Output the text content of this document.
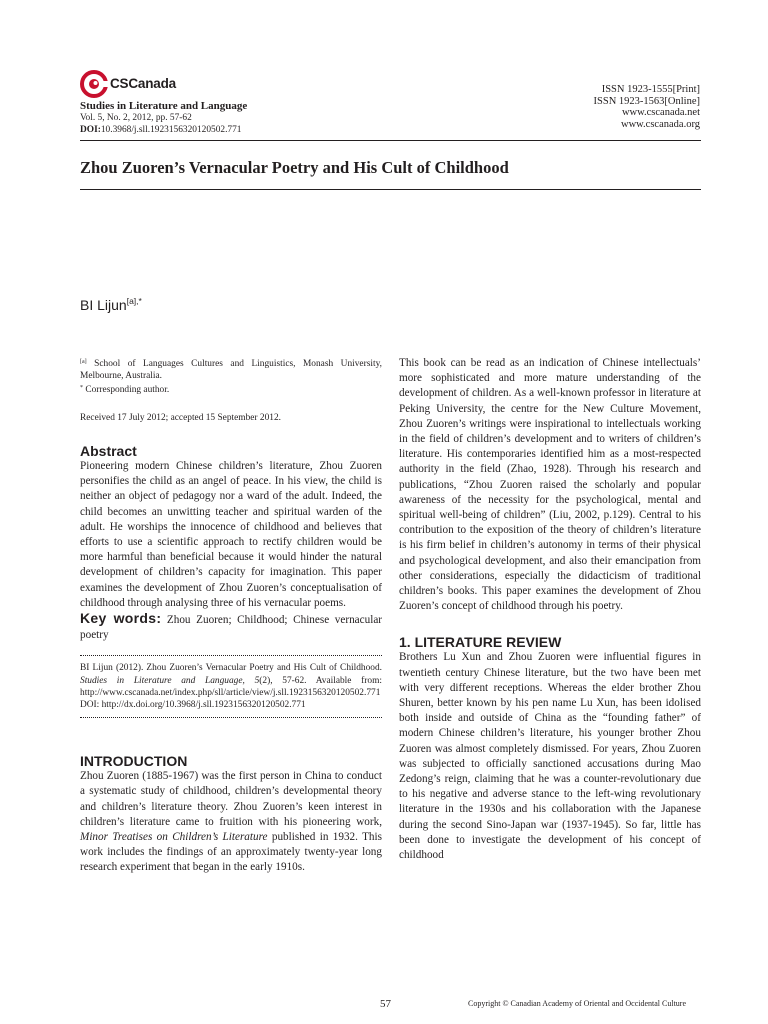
CSCanada
Studies in Literature and Language
Vol. 5, No. 2, 2012, pp. 57-62
DOI:10.3968/j.sll.1923156320120502.771
ISSN 1923-1555[Print]
ISSN 1923-1563[Online]
www.cscanada.net
www.cscanada.org
Zhou Zuoren’s Vernacular Poetry and His Cult of Childhood
BI Lijun$^{[a],*}$
[a] School of Languages Cultures and Linguistics, Monash University, Melbourne, Australia.
* Corresponding author.
Received 17 July 2012; accepted 15 September 2012.
Abstract

Pioneering modern Chinese children’s literature, Zhou Zuoren personifies the child as an angel of peace. In his view, the child is neither an object of pedagogy nor a ward of the adult. Indeed, the child becomes an unwitting teacher and spiritual warden of the adult. He worships the innocence of childhood and believes that efforts to use a scientific approach to rectify children would be more harmful than beneficial because it would hinder the natural development of children’s capacity for imagination. This paper examines the development of Zhou Zuoren’s conceptualisation of childhood through analysing three of his vernacular poems.

Key words: Zhou Zuoren; Childhood; Chinese vernacular poetry
BI Lijun (2012). Zhou Zuoren’s Vernacular Poetry and His Cult of Childhood. Studies in Literature and Language, 5(2), 57-62. Available from: http://www.cscanada.net/index.php/sll/article/view/j.sll.1923156320120502.771 DOI: http://dx.doi.org/10.3968/j.sll.1923156320120502.771
INTRODUCTION

Zhou Zuoren (1885-1967) was the first person in China to conduct a systematic study of childhood, children’s developmental theory and children’s literature theory. Zhou Zuoren’s keen interest in children’s literature came to fruition with his pioneering work, Minor Treatises on Children’s Literature published in 1932. This work includes the findings of an approximately twenty-year long research experiment that began in the early 1910s.

This book can be read as an indication of Chinese intellectuals’ more sophisticated and more mature understanding of the development of children. As a well-known professor in literature at Peking University, the centre for the New Culture Movement, Zhou Zuoren’s writings were inspirational to intellectuals working in the field of children’s development and to writers of children’s literature. His contemporaries identified him as a most-respected authority in the field (Zhao, 1928). Through his research and publications, “Zhou Zuoren raised the scholarly and popular awareness of the necessity for the psychological, mental and spiritual well-being of children” (Liu, 2002, p.129). Central to his contribution to the exposition of the theory of children’s literature is his firm belief in children’s autonomy in terms of their physical and psychological development, and also their emancipation from other considerations, especially the didacticism of traditional children’s books. This paper examines the development of Zhou Zuoren’s concept of childhood through his poetry.

1. LITERATURE REVIEW

Brothers Lu Xun and Zhou Zuoren were influential figures in twentieth century Chinese literature, but the two have been met with very different receptions. Whereas the elder brother Zhou Shuren, better known by his pen name Lu Xun, has been idolised both inside and outside of China as the “founding father” of modern Chinese children’s literature, his younger brother Zhou Zuoren was almost completely dismissed. For years, Zhou Zuoren was subjected to officially sanctioned accusations during Mao Zedong’s reign, claiming that he was a counter-revolutionary due to his negative and adverse stance to the left-wing revolutionary literature in the 1930s and his collaboration with the Japanese during the second Sino-Japan war (1937-1945). So far, little has been done to investigate the development of his concept of childhood

57	Copyright © Canadian Academy of Oriental and Occidental Culture
